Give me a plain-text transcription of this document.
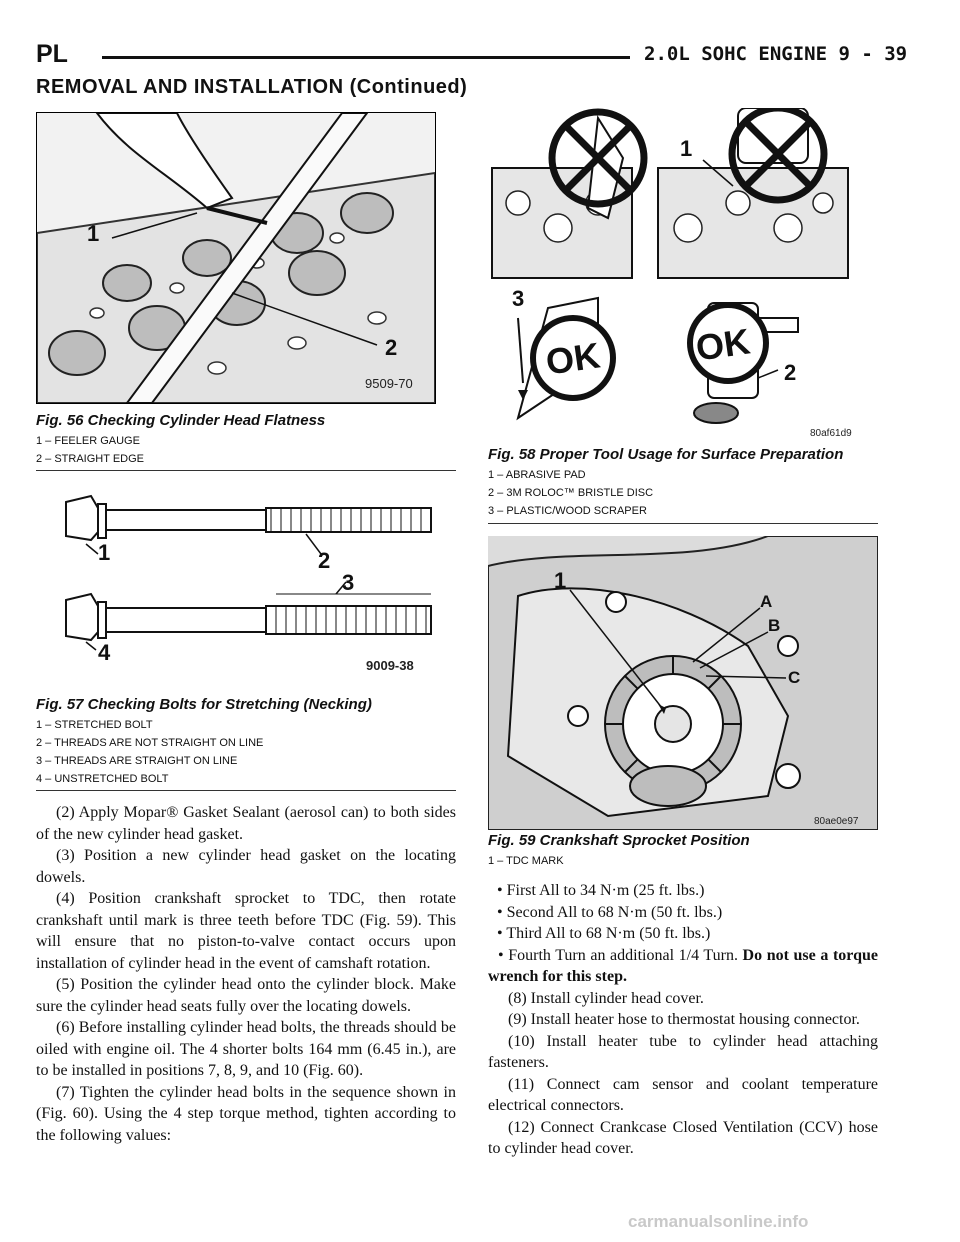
PL	2.0L SOHC ENGINE 9 - 39
REMOVAL AND INSTALLATION (Continued)
1
2
9509-70
Fig. 56 Checking Cylinder Head Flatness
1 – FEELER GAUGE
2 – STRAIGHT EDGE
1	2
3
4
9009-38
Fig. 57 Checking Bolts for Stretching (Necking)
1 – STRETCHED BOLT
2 – THREADS ARE NOT STRAIGHT ON LINE
3 – THREADS ARE STRAIGHT ON LINE
4 – UNSTRETCHED BOLT
1
2
3
OK	OK
80af61d9
Fig. 58 Proper Tool Usage for Surface Preparation
1 – ABRASIVE PAD
2 – 3M ROLOC™ BRISTLE DISC
3 – PLASTIC/WOOD SCRAPER
1
A
B
C
80ae0e97
Fig. 59 Crankshaft Sprocket Position
1 – TDC MARK

(2) Apply Mopar® Gasket Sealant (aerosol can) to both sides of the new cylinder head gasket.

(3) Position a new cylinder head gasket on the locating dowels.

(4) Position crankshaft sprocket to TDC, then rotate crankshaft until mark is three teeth before TDC (Fig. 59). This will ensure that no piston-to-valve contact occurs upon installation of cylinder head in the event of camshaft rotation.

(5) Position the cylinder head onto the cylinder block. Make sure the cylinder head seats fully over the locating dowels.

(6) Before installing cylinder head bolts, the threads should be oiled with engine oil. The 4 shorter bolts 164 mm (6.45 in.), are to be installed in positions 7, 8, 9, and 10 (Fig. 60).

(7) Tighten the cylinder head bolts in the sequence shown in (Fig. 60). Using the 4 step torque method, tighten according to the following values:

• First All to 34 N·m (25 ft. lbs.)

• Second All to 68 N·m (50 ft. lbs.)

• Third All to 68 N·m (50 ft. lbs.)

• Fourth Turn an additional 1/4 Turn. Do not use a torque wrench for this step.

(8) Install cylinder head cover.

(9) Install heater hose to thermostat housing connector.

(10) Install heater tube to cylinder head attaching fasteners.

(11) Connect cam sensor and coolant temperature electrical connectors.

(12) Connect Crankcase Closed Ventilation (CCV) hose to cylinder head cover.

carmanualsonline.info
